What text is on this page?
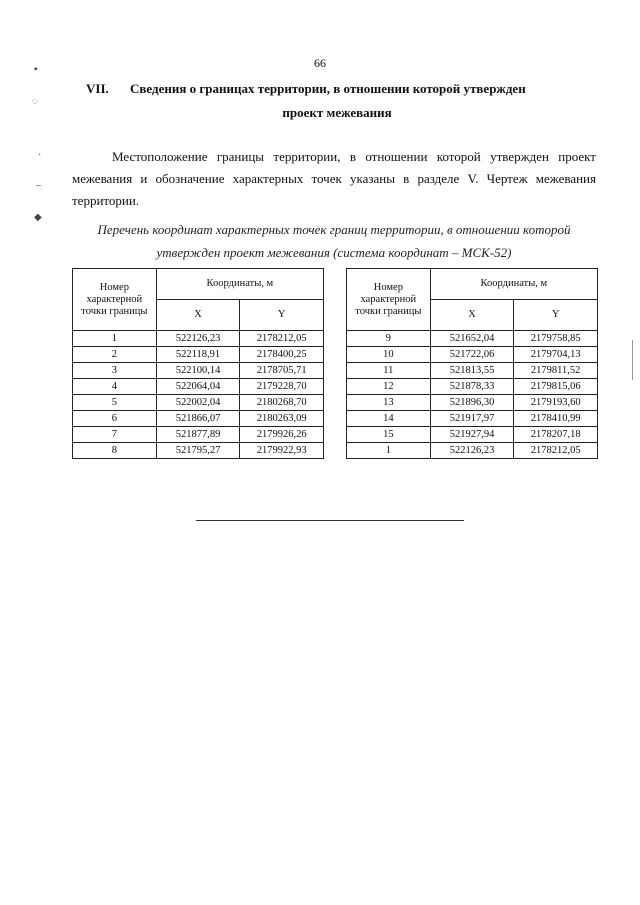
66
VII. Сведения о границах территории, в отношении которой утвержден
проект межевания
Местоположение границы территории, в отношении которой утвержден проект межевания и обозначение характерных точек указаны в разделе V. Чертеж межевания территории.
Перечень координат характерных точек границ территории, в отношении которой утвержден проект межевания (система координат – МСК-52)
Номер характерной точки границы	Координаты, м	
	X	Y
1	522126,23	2178212,05
2	522118,91	2178400,25
3	522100,14	2178705,71
4	522064,04	2179228,70
5	522002,04	2180268,70
6	521866,07	2180263,09
7	521877,89	2179926,26
8	521795,27	2179922,93
Номер характерной точки границы	Координаты, м	
	X	Y
9	521652,04	2179758,85
10	521722,06	2179704,13
11	521813,55	2179811,52
12	521878,33	2179815,06
13	521896,30	2179193,60
14	521917,97	2178410,99
15	521927,94	2178207,18
1	522126,23	2178212,05
▪
◌
·
–
◆
